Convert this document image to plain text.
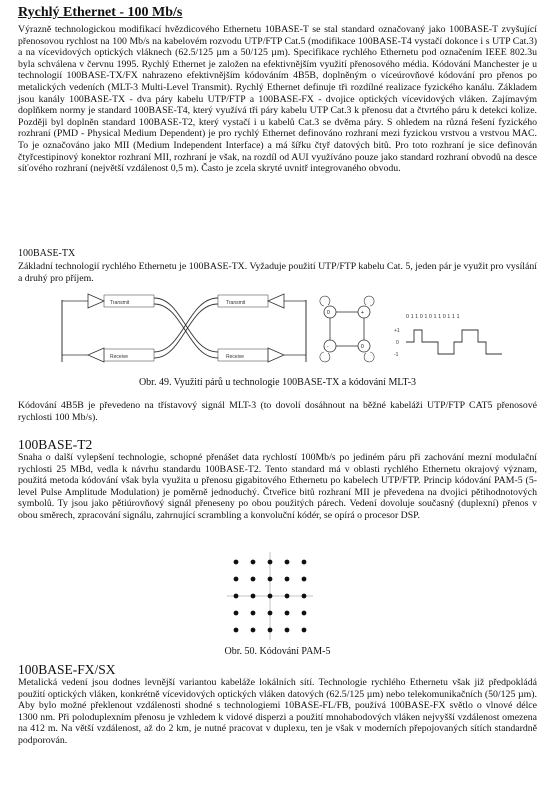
Rychlý Ethernet - 100 Mb/s

Výrazně technologickou modifikací hvězdicového Ethernetu 10BASE-T se stal standard označovaný jako 100BASE-T zvyšující přenosovou rychlost na 100 Mb/s na kabelovém rozvodu UTP/FTP Cat.5 (modifikace 100BASE-T4 vystačí dokonce i s UTP Cat.3) a na vícevidových optických vláknech (62.5/125 µm a 50/125 µm). Specifikace rychlého Ethernetu pod označením IEEE 802.3u byla schválena v červnu 1995. Rychlý Ethernet je založen na efektivnějším využití přenosového média. Kódování Manchester je u technologií 100BASE-TX/FX nahrazeno efektivnějším kódováním 4B5B, doplněným o víceúrovňové kódování pro přenos po metalických vedeních (MLT-3 Multi-Level Transmit). Rychlý Ethernet definuje tři rozdílné realizace fyzického kanálu. Základem jsou kanály 100BASE-TX - dva páry kabelu UTP/FTP a 100BASE-FX - dvojice optických vícevidových vláken. Zajímavým doplňkem normy je standard 100BASE-T4, který využívá tři páry kabelu UTP Cat.3 k přenosu dat a čtvrtého páru k detekci kolize. Později byl doplněn standard 100BASE-T2, který vystačí i u kabelů Cat.3 se dvěma páry. S ohledem na různá řešení fyzického rozhraní (PMD - Physical Medium Dependent) je pro rychlý Ethernet definováno rozhraní mezi fyzickou vrstvou a vrstvou MAC. To je označováno jako MII (Medium Independent Interface) a má šířku čtyř datových bitů. Pro toto rozhraní je sice definován čtyřcestipinový konektor rozhraní MII, rozhraní je však, na rozdíl od AUI využíváno pouze jako standard rozhraní obvodů na desce síťového rozhraní (největší vzdálenost 0,5 m). Často je zcela skryté uvnitř integrovaného obvodu.

100BASE-TX

Základní technologií rychlého Ethernetu je 100BASE-TX. Vyžaduje použití UTP/FTP kabelu Cat. 5, jeden pár je využit pro vysílání a druhý pro příjem.

Transmit	Transmit
Receive	Receive
0	+
-	0
0 1 1 0 1 0 1 1 0 1 1 1
+1
0
-1
Obr. 49. Využití párů u technologie 100BASE-TX a kódování MLT-3

Kódování 4B5B je převedeno na třístavový signál MLT-3 (to dovolí dosáhnout na běžné kabeláži UTP/FTP CAT5 přenosové rychlosti 100 Mb/s).

100BASE-T2

Snaha o další vylepšení technologie, schopné přenášet data rychlostí 100Mb/s po jediném páru při zachování mezní modulační rychlosti 25 MBd, vedla k návrhu standardu 100BASE-T2. Tento standard má v oblasti rychlého Ethernetu okrajový význam, použitá metoda kódování však byla využita u přenosu gigabitového Ethernetu po kabelech UTP/FTP. Princip kódování PAM-5 (5-level Pulse Amplitude Modulation) je poměrně jednoduchý. Čtveřice bitů rozhraní MII je převedena na dvojici pětihodnotových symbolů. Ty jsou jako pětiúrovňový signál přeneseny po obou použitých párech. Vedení dovoluje současný (duplexní) přenos v obou směrech, zpracování signálu, zahrnující scrambling a konvoluční kódér, se opírá o procesor DSP.

Obr. 50. Kódování PAM-5
100BASE-FX/SX

Metalická vedení jsou dodnes levnější variantou kabeláže lokálních sítí. Technologie rychlého Ethernetu však již předpokládá použití optických vláken, konkrétně vícevidových optických vláken datových (62.5/125 µm) nebo telekomunikačních (50/125 µm). Aby bylo možné překlenout vzdálenosti shodné s technologiemi 10BASE-FL/FB, používá 100BASE-FX světlo o vlnové délce 1300 nm. Při poloduplexním přenosu je vzhledem k vidové disperzi a použití mnohabodových vláken nejvyšší vzdálenost omezena na 412 m. Na větší vzdálenost, až do 2 km, je nutné pracovat v duplexu, ten je však v moderních přepojovaných sítích standardně podporován.
